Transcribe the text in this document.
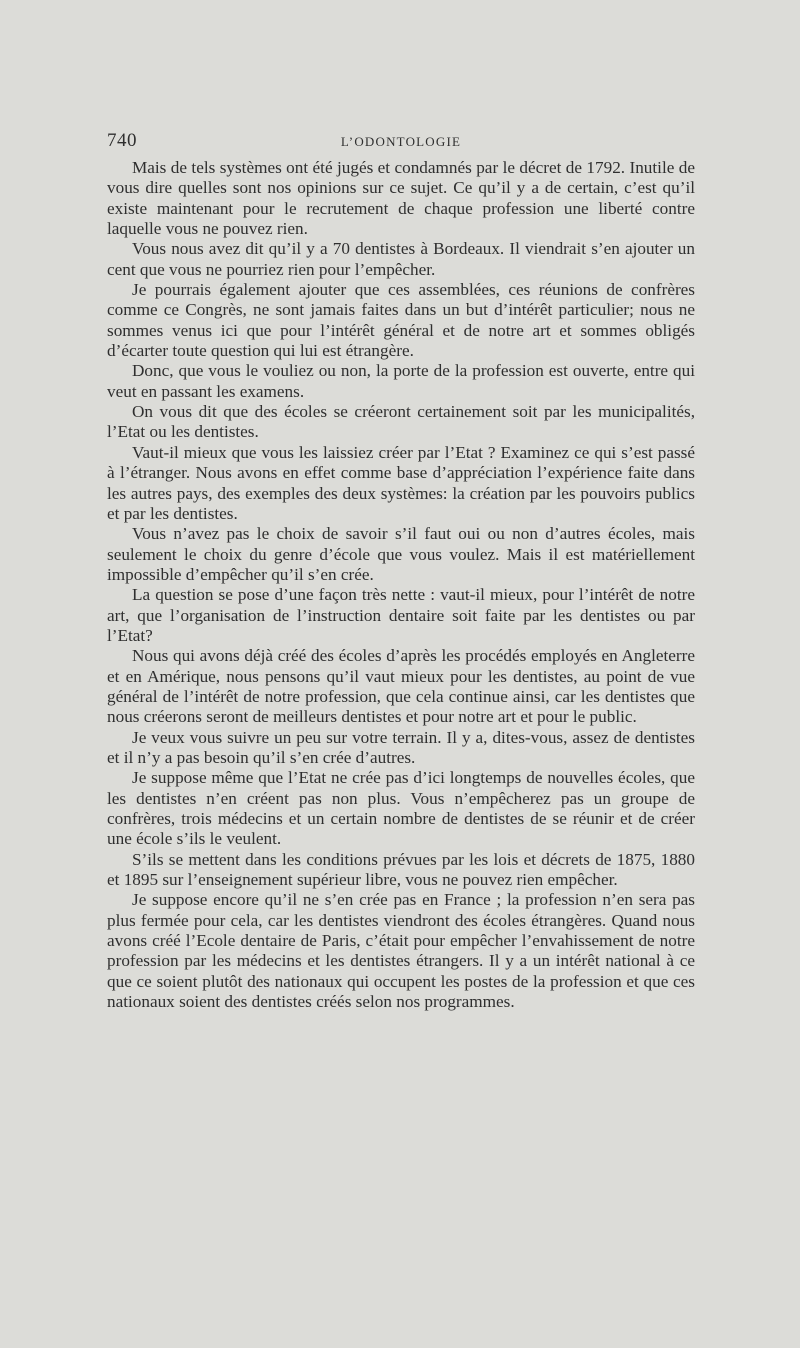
740	L’ODONTOLOGIE

Mais de tels systèmes ont été jugés et condamnés par le décret de 1792. Inutile de vous dire quelles sont nos opinions sur ce sujet. Ce qu’il y a de certain, c’est qu’il existe maintenant pour le recrutement de chaque profession une liberté contre laquelle vous ne pouvez rien.

Vous nous avez dit qu’il y a 70 dentistes à Bordeaux. Il viendrait s’en ajouter un cent que vous ne pourriez rien pour l’empêcher.

Je pourrais également ajouter que ces assemblées, ces réunions de confrères comme ce Congrès, ne sont jamais faites dans un but d’intérêt particulier; nous ne sommes venus ici que pour l’intérêt général et de notre art et sommes obligés d’écarter toute question qui lui est étrangère.

Donc, que vous le vouliez ou non, la porte de la profession est ouverte, entre qui veut en passant les examens.

On vous dit que des écoles se créeront certainement soit par les municipalités, l’Etat ou les dentistes.

Vaut-il mieux que vous les laissiez créer par l’Etat ? Examinez ce qui s’est passé à l’étranger. Nous avons en effet comme base d’appréciation l’expérience faite dans les autres pays, des exemples des deux systèmes: la création par les pouvoirs publics et par les dentistes.

Vous n’avez pas le choix de savoir s’il faut oui ou non d’autres écoles, mais seulement le choix du genre d’école que vous voulez. Mais il est matériellement impossible d’empêcher qu’il s’en crée.

La question se pose d’une façon très nette : vaut-il mieux, pour l’intérêt de notre art, que l’organisation de l’instruction dentaire soit faite par les dentistes ou par l’Etat?

Nous qui avons déjà créé des écoles d’après les procédés employés en Angleterre et en Amérique, nous pensons qu’il vaut mieux pour les dentistes, au point de vue général de l’intérêt de notre profession, que cela continue ainsi, car les dentistes que nous créerons seront de meilleurs dentistes et pour notre art et pour le public.

Je veux vous suivre un peu sur votre terrain. Il y a, dites-vous, assez de dentistes et il n’y a pas besoin qu’il s’en crée d’autres.

Je suppose même que l’Etat ne crée pas d’ici longtemps de nouvelles écoles, que les dentistes n’en créent pas non plus. Vous n’empêcherez pas un groupe de confrères, trois médecins et un certain nombre de dentistes de se réunir et de créer une école s’ils le veulent.

S’ils se mettent dans les conditions prévues par les lois et décrets de 1875, 1880 et 1895 sur l’enseignement supérieur libre, vous ne pouvez rien empêcher.

Je suppose encore qu’il ne s’en crée pas en France ; la profession n’en sera pas plus fermée pour cela, car les dentistes viendront des écoles étrangères. Quand nous avons créé l’Ecole dentaire de Paris, c’était pour empêcher l’envahissement de notre profession par les médecins et les dentistes étrangers. Il y a un intérêt national à ce que ce soient plutôt des nationaux qui occupent les postes de la profession et que ces nationaux soient des dentistes créés selon nos programmes.
